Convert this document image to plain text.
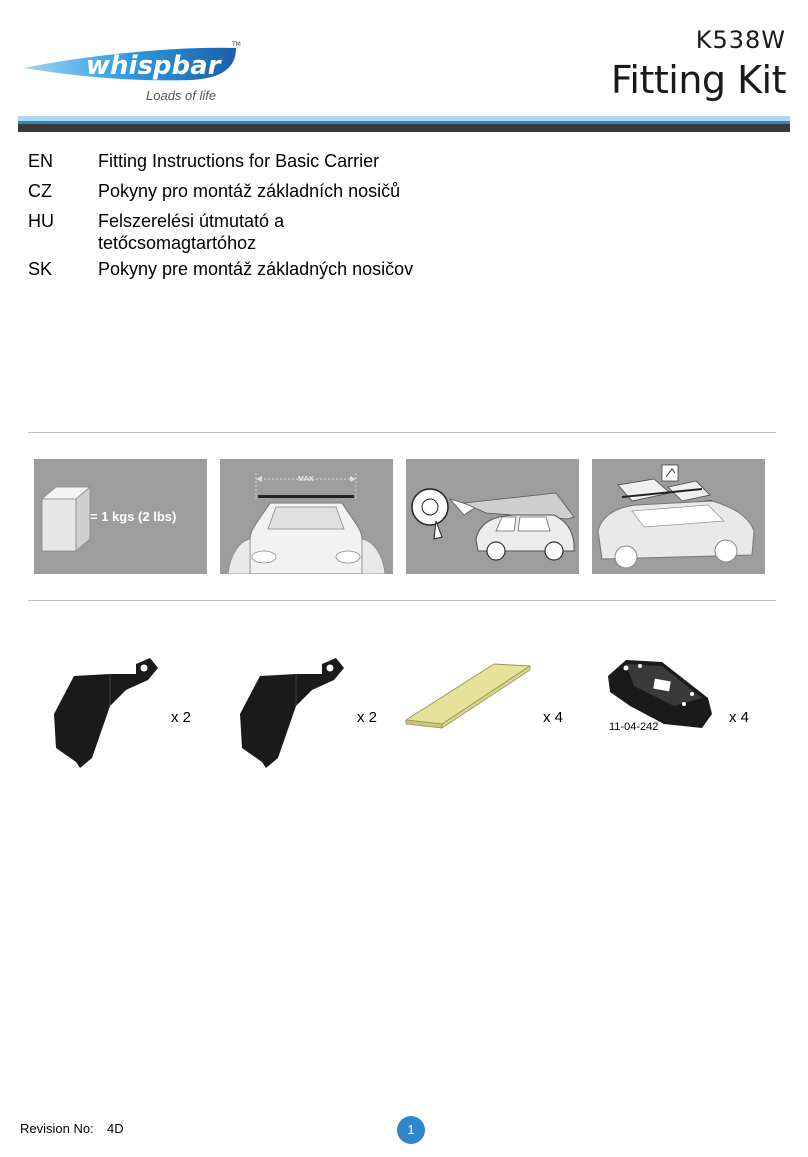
whispbar
TM
Loads of life
K538W
Fitting Kit
EN Fitting Instructions for Basic Carrier
CZ	Pokyny pro montáž základních nosičů
HU Felszerelési útmutató a tetőcsomagtartóhoz
SK	Pokyny pre montáž základných nosičov
= 1 kgs (2 lbs)
MAX
x 2	x 2	x 4
11-04-242
x 4
Revision No: 4D	1
